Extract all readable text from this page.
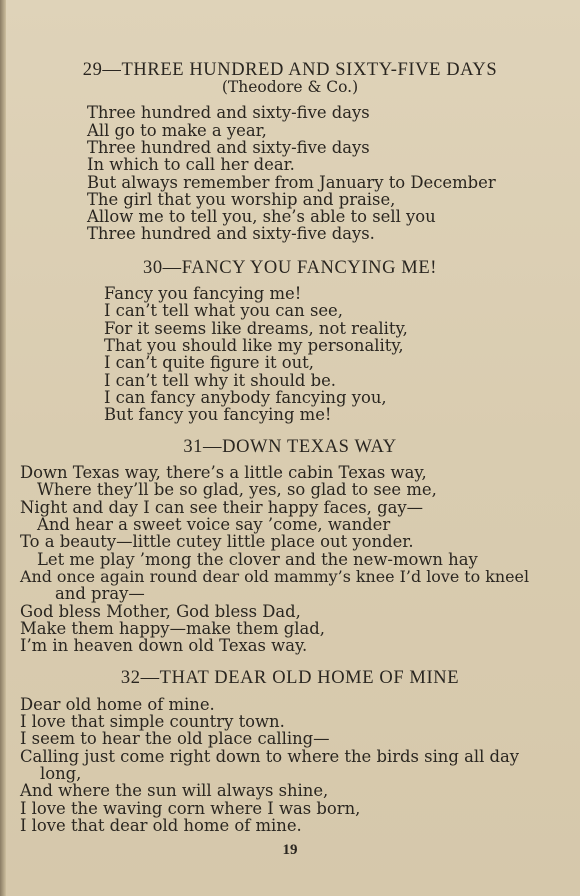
29—THREE HUNDRED AND SIXTY-FIVE DAYS
(Theodore & Co.)
Three hundred and sixty-five days
All go to make a year,
Three hundred and sixty-five days
In which to call her dear.
But always remember from January to December
The girl that you worship and praise,
Allow me to tell you, she’s able to sell you
Three hundred and sixty-five days.
30—FANCY YOU FANCYING ME!
Fancy you fancying me!
I can’t tell what you can see,
For it seems like dreams, not reality,
That you should like my personality,
I can’t quite figure it out,
I can’t tell why it should be.
I can fancy anybody fancying you,
But fancy you fancying me!
31—DOWN TEXAS WAY
Down Texas way, there’s a little cabin Texas way,
Where they’ll be so glad, yes, so glad to see me,
Night and day I can see their happy faces, gay—
And hear a sweet voice say ’come, wander
To a beauty—little cutey little place out yonder.
Let me play ’mong the clover and the new-mown hay
And once again round dear old mammy’s knee I’d love to kneel
and pray—
God bless Mother, God bless Dad,
Make them happy—make them glad,
I’m in heaven down old Texas way.
32—THAT DEAR OLD HOME OF MINE
Dear old home of mine.
I love that simple country town.
I seem to hear the old place calling—
Calling just come right down to where the birds sing all day
long,
And where the sun will always shine,
I love the waving corn where I was born,
I love that dear old home of mine.
19
